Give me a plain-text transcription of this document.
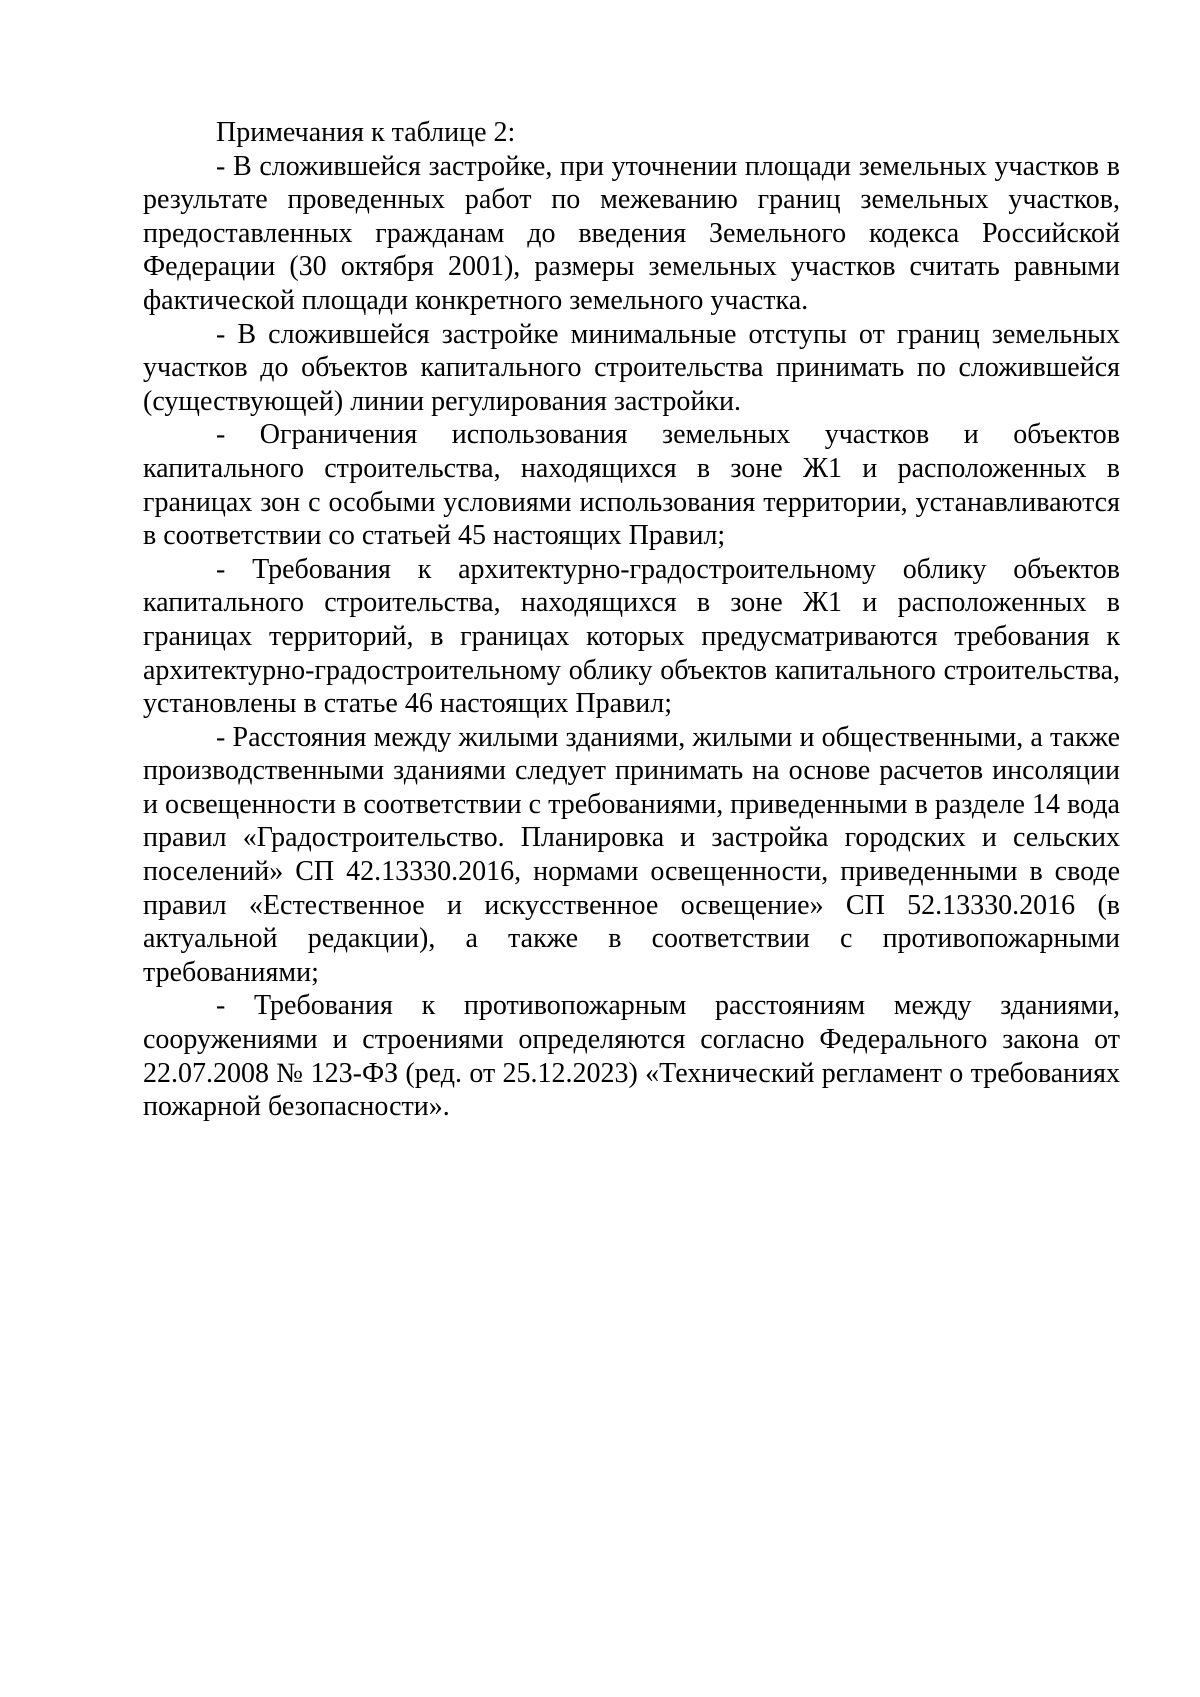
Примечания к таблице 2:

- В сложившейся застройке, при уточнении площади земельных участков в результате проведенных работ по межеванию границ земельных участков, предоставленных гражданам до введения Земельного кодекса Российской Федерации (30 октября 2001), размеры земельных участков считать равными фактической площади конкретного земельного участка.

- В сложившейся застройке минимальные отступы от границ земельных участков до объектов капитального строительства принимать по сложившейся (существующей) линии регулирования застройки.

- Ограничения использования земельных участков и объектов капитального строительства, находящихся в зоне Ж1 и расположенных в границах зон с особыми условиями использования территории, устанавливаются в соответствии со статьей 45 настоящих Правил;

- Требования к архитектурно-градостроительному облику объектов капитального строительства, находящихся в зоне Ж1 и расположенных в границах территорий, в границах которых предусматриваются требования к архитектурно-градостроительному облику объектов капитального строительства, установлены в статье 46 настоящих Правил;

- Расстояния между жилыми зданиями, жилыми и общественными, а также производственными зданиями следует принимать на основе расчетов инсоляции и освещенности в соответствии с требованиями, приведенными в разделе 14 вода правил «Градостроительство. Планировка и застройка городских и сельских поселений» СП 42.13330.2016, нормами освещенности, приведенными в своде правил «Естественное и искусственное освещение» СП 52.13330.2016 (в актуальной редакции), а также в соответствии с противопожарными требованиями;

- Требования к противопожарным расстояниям между зданиями, сооружениями и строениями определяются согласно Федерального закона от 22.07.2008 № 123-ФЗ (ред. от 25.12.2023) «Технический регламент о требованиях пожарной безопасности».
